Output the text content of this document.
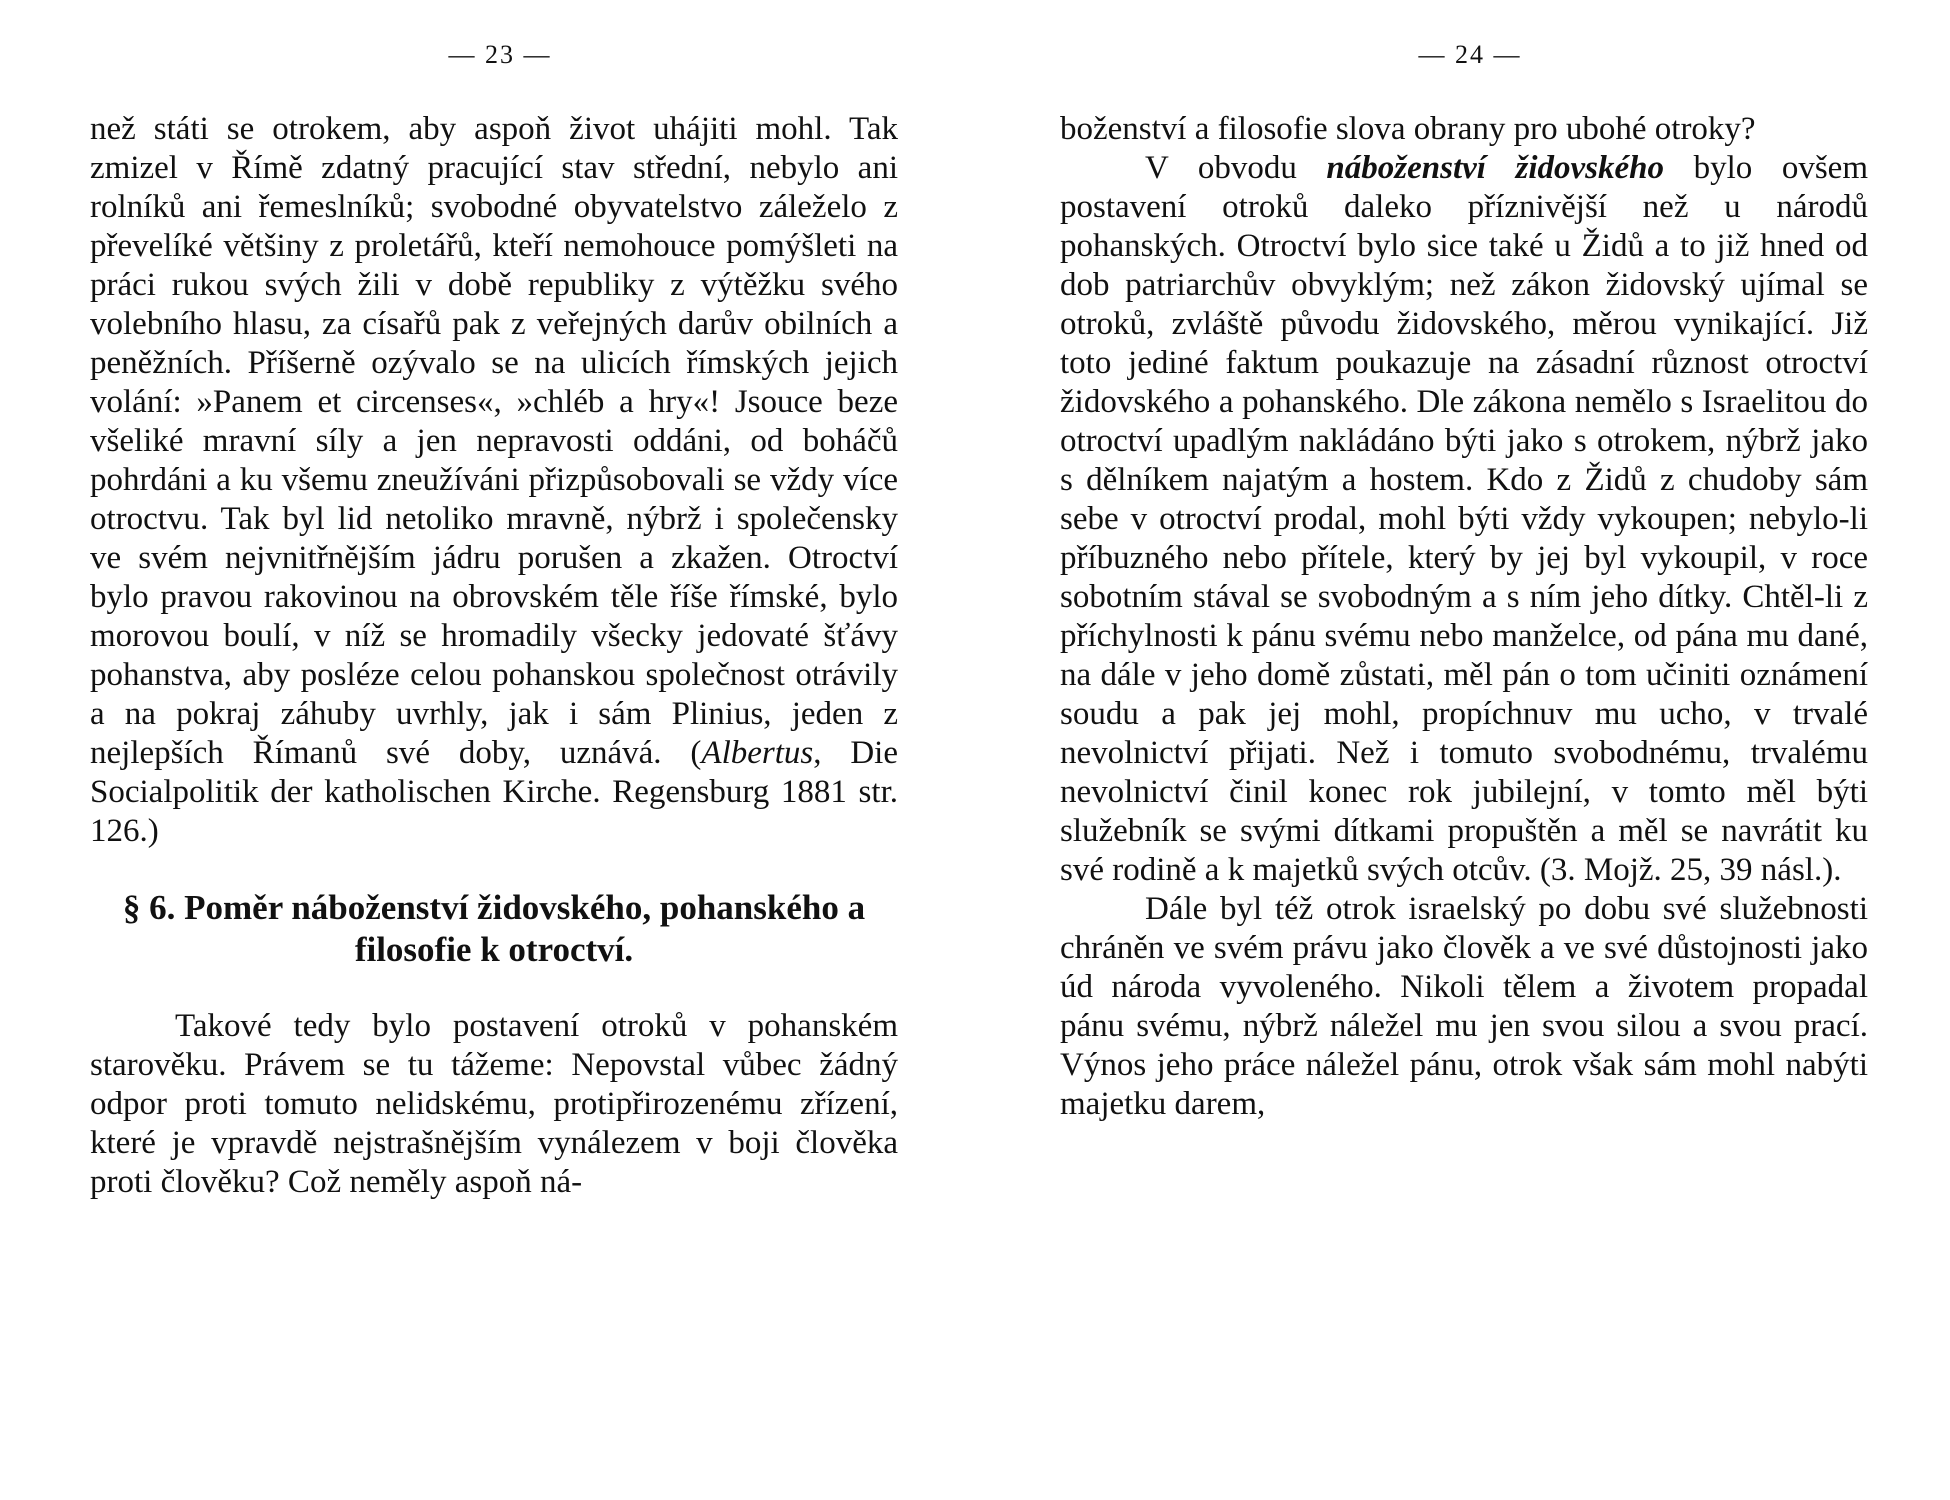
— 23 —

než státi se otrokem, aby aspoň život uhájiti mohl. Tak zmizel v Římě zdatný pracující stav střední, nebylo ani rolníků ani řemeslníků; svobodné obyvatelstvo záleželo z převelíké většiny z proletářů, kteří nemohouce pomýšleti na práci rukou svých žili v době republiky z výtěžku svého volebního hlasu, za císařů pak z veřejných darův obilních a peněžních. Příšerně ozývalo se na ulicích římských jejich volání: »Panem et circenses«, »chléb a hry«! Jsouce beze všeliké mravní síly a jen nepravosti oddáni, od boháčů pohrdáni a ku všemu zneužíváni přizpůsobovali se vždy více otroctvu. Tak byl lid netoliko mravně, nýbrž i společensky ve svém nejvnitřnějším jádru porušen a zkažen. Otroctví bylo pravou rakovinou na obrovském těle říše římské, bylo morovou boulí, v níž se hromadily všecky jedovaté šťávy pohanstva, aby posléze celou pohanskou společnost otrávily a na pokraj záhuby uvrhly, jak i sám Plinius, jeden z nejlepších Římanů své doby, uznává. (Albertus, Die Socialpolitik der katholischen Kirche. Regensburg 1881 str. 126.)

§ 6. Poměr náboženství židovského, pohanského a filosofie k otroctví.

Takové tedy bylo postavení otroků v pohanském starověku. Právem se tu tážeme: Nepovstal vůbec žádný odpor proti tomuto nelidskému, protipřirozenému zřízení, které je vpravdě nejstrašnějším vynálezem v boji člověka proti člověku? Což neměly aspoň ná-

— 24 —

boženství a filosofie slova obrany pro ubohé otroky?

V obvodu náboženství židovského bylo ovšem postavení otroků daleko příznivější než u národů pohanských. Otroctví bylo sice také u Židů a to již hned od dob patriarchův obvyklým; než zákon židovský ujímal se otroků, zvláště původu židovského, měrou vynikající. Již toto jediné faktum poukazuje na zásadní různost otroctví židovského a pohanského. Dle zákona nemělo s Israelitou do otroctví upadlým nakládáno býti jako s otrokem, nýbrž jako s dělníkem najatým a hostem. Kdo z Židů z chudoby sám sebe v otroctví prodal, mohl býti vždy vykoupen; nebylo-li příbuzného nebo přítele, který by jej byl vykoupil, v roce sobotním stával se svobodným a s ním jeho dítky. Chtěl-li z příchylnosti k pánu svému nebo manželce, od pána mu dané, na dále v jeho domě zůstati, měl pán o tom učiniti oznámení soudu a pak jej mohl, propíchnuv mu ucho, v trvalé nevolnictví přijati. Než i tomuto svobodnému, trvalému nevolnictví činil konec rok jubilejní, v tomto měl býti služebník se svými dítkami propuštěn a měl se navrátit ku své rodině a k majetků svých otcův. (3. Mojž. 25, 39 násl.).

Dále byl též otrok israelský po dobu své služebnosti chráněn ve svém právu jako člověk a ve své důstojnosti jako úd národa vyvoleného. Nikoli tělem a životem propadal pánu svému, nýbrž náležel mu jen svou silou a svou prací. Výnos jeho práce náležel pánu, otrok však sám mohl nabýti majetku darem,
